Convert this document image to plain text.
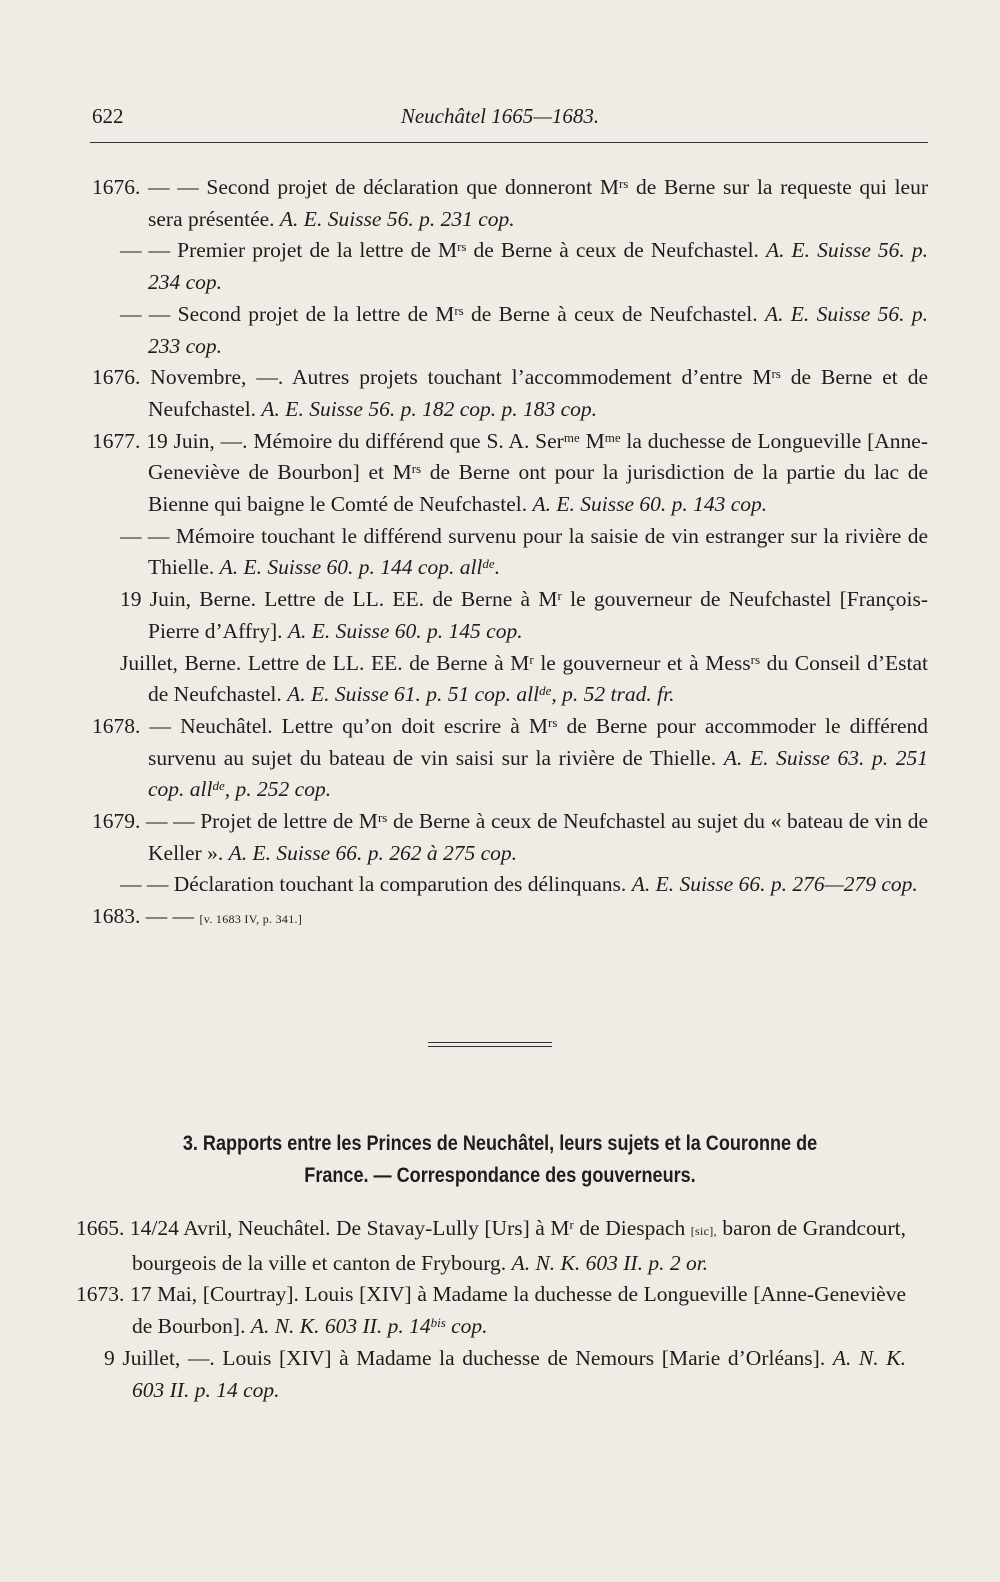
622	Neuchâtel 1665—1683.

1676. — — Second projet de déclaration que donneront $M^{rs}$ de Berne sur la requeste qui leur sera présentée. A. E. Suisse 56. p. 231 cop.

— — Premier projet de la lettre de $M^{rs}$ de Berne à ceux de Neufchastel. A. E. Suisse 56. p. 234 cop.

— — Second projet de la lettre de $M^{rs}$ de Berne à ceux de Neufchastel. A. E. Suisse 56. p. 233 cop.

1676. Novembre, —. Autres projets touchant l’accommodement d’entre $M^{rs}$ de Berne et de Neufchastel. A. E. Suisse 56. p. 182 cop. p. 183 cop.

1677. 19 Juin, —. Mémoire du différend que S. A. Ser$^{me}$ $M^{me}$ la duchesse de Longueville [Anne-Geneviève de Bourbon] et $M^{rs}$ de Berne ont pour la jurisdiction de la partie du lac de Bienne qui baigne le Comté de Neufchastel. A. E. Suisse 60. p. 143 cop.

— — Mémoire touchant le différend survenu pour la saisie de vin estranger sur la rivière de Thielle. A. E. Suisse 60. p. 144 cop. all$^{de}$.

19 Juin, Berne. Lettre de LL. EE. de Berne à $M^r$ le gouverneur de Neufchastel [François-Pierre d’Affry]. A. E. Suisse 60. p. 145 cop.

Juillet, Berne. Lettre de LL. EE. de Berne à $M^r$ le gouverneur et à Mess$^{rs}$ du Conseil d’Estat de Neufchastel. A. E. Suisse 61. p. 51 cop. all$^{de}$, p. 52 trad. fr.

1678. — Neuchâtel. Lettre qu’on doit escrire à $M^{rs}$ de Berne pour accommoder le différend survenu au sujet du bateau de vin saisi sur la rivière de Thielle. A. E. Suisse 63. p. 251 cop. all$^{de}$, p. 252 cop.

1679. — — Projet de lettre de $M^{rs}$ de Berne à ceux de Neufchastel au sujet du « bateau de vin de Keller ». A. E. Suisse 66. p. 262 à 275 cop.

— — Déclaration touchant la comparution des délinquans. A. E. Suisse 66. p. 276—279 cop.

1683. — — [v. 1683 IV, p. 341.]

3. Rapports entre les Princes de Neuchâtel, leurs sujets et la Couronne de France. — Correspondance des gouverneurs.

1665. 14/24 Avril, Neuchâtel. De Stavay-Lully [Urs] à $M^r$ de Diespach [sic], baron de Grandcourt, bourgeois de la ville et canton de Frybourg. A. N. K. 603 II. p. 2 or.

1673. 17 Mai, [Courtray]. Louis [XIV] à Madame la duchesse de Longueville [Anne-Geneviève de Bourbon]. A. N. K. 603 II. p. $14^{bis}$ cop.

9 Juillet, —. Louis [XIV] à Madame la duchesse de Nemours [Marie d’Orléans]. A. N. K. 603 II. p. 14 cop.
